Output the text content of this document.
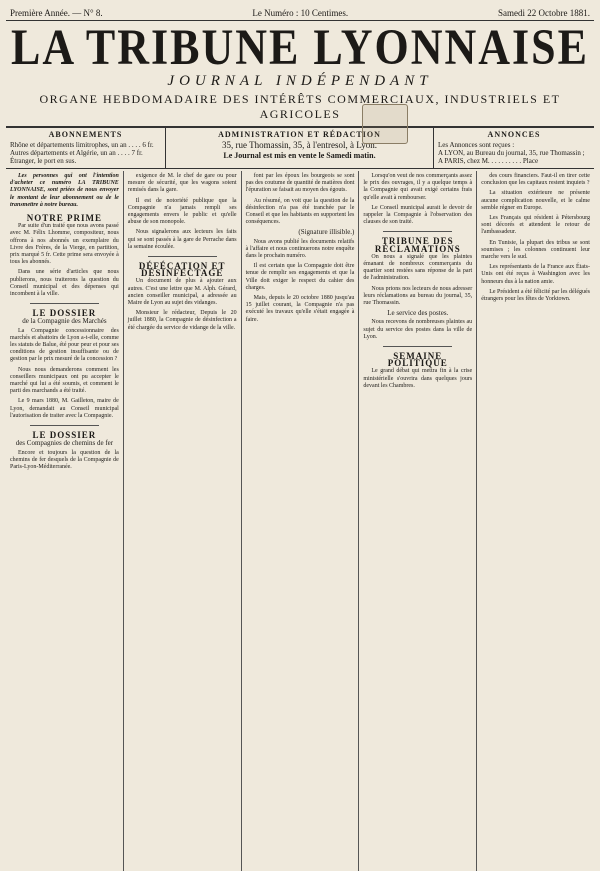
Première Année. — N° 8.	Le Numéro : 10 Centimes.	Samedi 22 Octobre 1881.
LA TRIBUNE LYONNAISE
JOURNAL INDÉPENDANT
ORGANE HEBDOMADAIRE DES INTÉRÊTS COMMERCIAUX, INDUSTRIELS ET AGRICOLES
ABONNEMENTS
Rhône et départements limitrophes, un an . . . . 6 fr.
Autres départements et Algérie, un an . . . . 7 fr.
Étranger, le port en sus.
ADMINISTRATION ET RÉDACTION
35, rue Thomassin, 35, à l'entresol, à Lyon.
Le Journal est mis en vente le Samedi matin.
ANNONCES
Les Annonces sont reçues :
A LYON, au Bureau du journal, 35, rue Thomassin ;
A PARIS, chez M. . . . . . . . . . Place

Les personnes qui ont l'intention d'acheter ce numéro LA TRIBUNE LYONNAISE, sont priées de nous envoyer le montant de leur abonnement ou de le transmettre à notre bureau.

NOTRE PRIME

Par suite d'un traité que nous avons passé avec M. Félix Lhomme, compositeur, nous offrons à nos abonnés un exemplaire du Livre des Frères, de la Vierge, en partition, prix marqué 5 fr. Cette prime sera envoyée à tous les abonnés.

Dans une série d'articles que nous publierons, nous traiterons la question du Conseil municipal et des dépenses qui incombent à la ville.

LE DOSSIER
de la Compagnie des Marchés

La Compagnie concessionnaire des marchés et abattoirs de Lyon a-t-elle, comme les statuts de Balue, été pour peur et pour ses conditions de gestion insuffisante ou de gestion par le prix mesuré de la concession ?

Nous nous demanderons comment les conseillers municipaux ont pu accepter le marché qui lui a été soumis, et comment le parti des marchands a été traité.

Le 9 mars 1880, M. Gailleton, maire de Lyon, demandait au Conseil municipal l'autorisation de traiter avec la Compagnie.

LE DOSSIER
des Compagnies de chemins de fer

Encore et toujours la question de la chemins de fer desquels de la Compagnie de Paris-Lyon-Méditerranée.

exigence de M. le chef de gare ou pour mesure de sécurité, que les wagons soient remisés dans la gare.

Il est de notoriété publique que la Compagnie n'a jamais rempli ses engagements envers le public et qu'elle abuse de son monopole.

Nous signalerons aux lecteurs les faits qui se sont passés à la gare de Perrache dans la semaine écoulée.

DÉFÉCATION ET DÉSINFECTAGE

Un document de plus à ajouter aux autres. C'est une lettre que M. Alph. Gérard, ancien conseiller municipal, a adressée au Maire de Lyon au sujet des vidanges.

Monsieur le rédacteur, Depuis le 20 juillet 1880, la Compagnie de désinfection a été chargée du service de vidange de la ville.

font par les époux les bourgeois se sont pas des coutume de quantité de matières dont l'épuration se faisait au moyen des égouts.

Au résumé, on voit que la question de la désinfection n'a pas été tranchée par le Conseil et que les habitants en supportent les conséquences.

(Signature illisible.)

Nous avons publié les documents relatifs à l'affaire et nous continuerons notre enquête dans le prochain numéro.

Il est certain que la Compagnie doit être tenue de remplir ses engagements et que la Ville doit exiger le respect du cahier des charges.

Mais, depuis le 20 octobre 1880 jusqu'au 15 juillet courant, la Compagnie n'a pas exécuté les travaux qu'elle s'était engagée à faire.

Lorsqu'on veut de nos commerçants assez le prix des ouvrages, il y a quelque temps à la Compagnie qui avait exigé certains frais qu'elle avait à rembourser.

Le Conseil municipal aurait le devoir de rappeler la Compagnie à l'observation des clauses de son traité.

TRIBUNE DES RÉCLAMATIONS

On nous a signalé que les plaintes émanant de nombreux commerçants du quartier sont restées sans réponse de la part de l'administration.

Nous prions nos lecteurs de nous adresser leurs réclamations au bureau du journal, 35, rue Thomassin.

Le service des postes.

Nous recevons de nombreuses plaintes au sujet du service des postes dans la ville de Lyon.

SEMAINE POLITIQUE

Le grand débat qui mettra fin à la crise ministérielle s'ouvrira dans quelques jours devant les Chambres.

des cours financiers. Faut-il en tirer cette conclusion que les capitaux restent inquiets ?

La situation extérieure ne présente aucune complication nouvelle, et le calme semble régner en Europe.

Les Français qui résident à Pétersbourg sont décorés et attendent le retour de l'ambassadeur.

En Tunisie, la plupart des tribus se sont soumises ; les colonnes continuent leur marche vers le sud.

Les représentants de la France aux États-Unis ont été reçus à Washington avec les honneurs dus à la nation amie.

Le Président a été félicité par les délégués étrangers pour les fêtes de Yorktown.
